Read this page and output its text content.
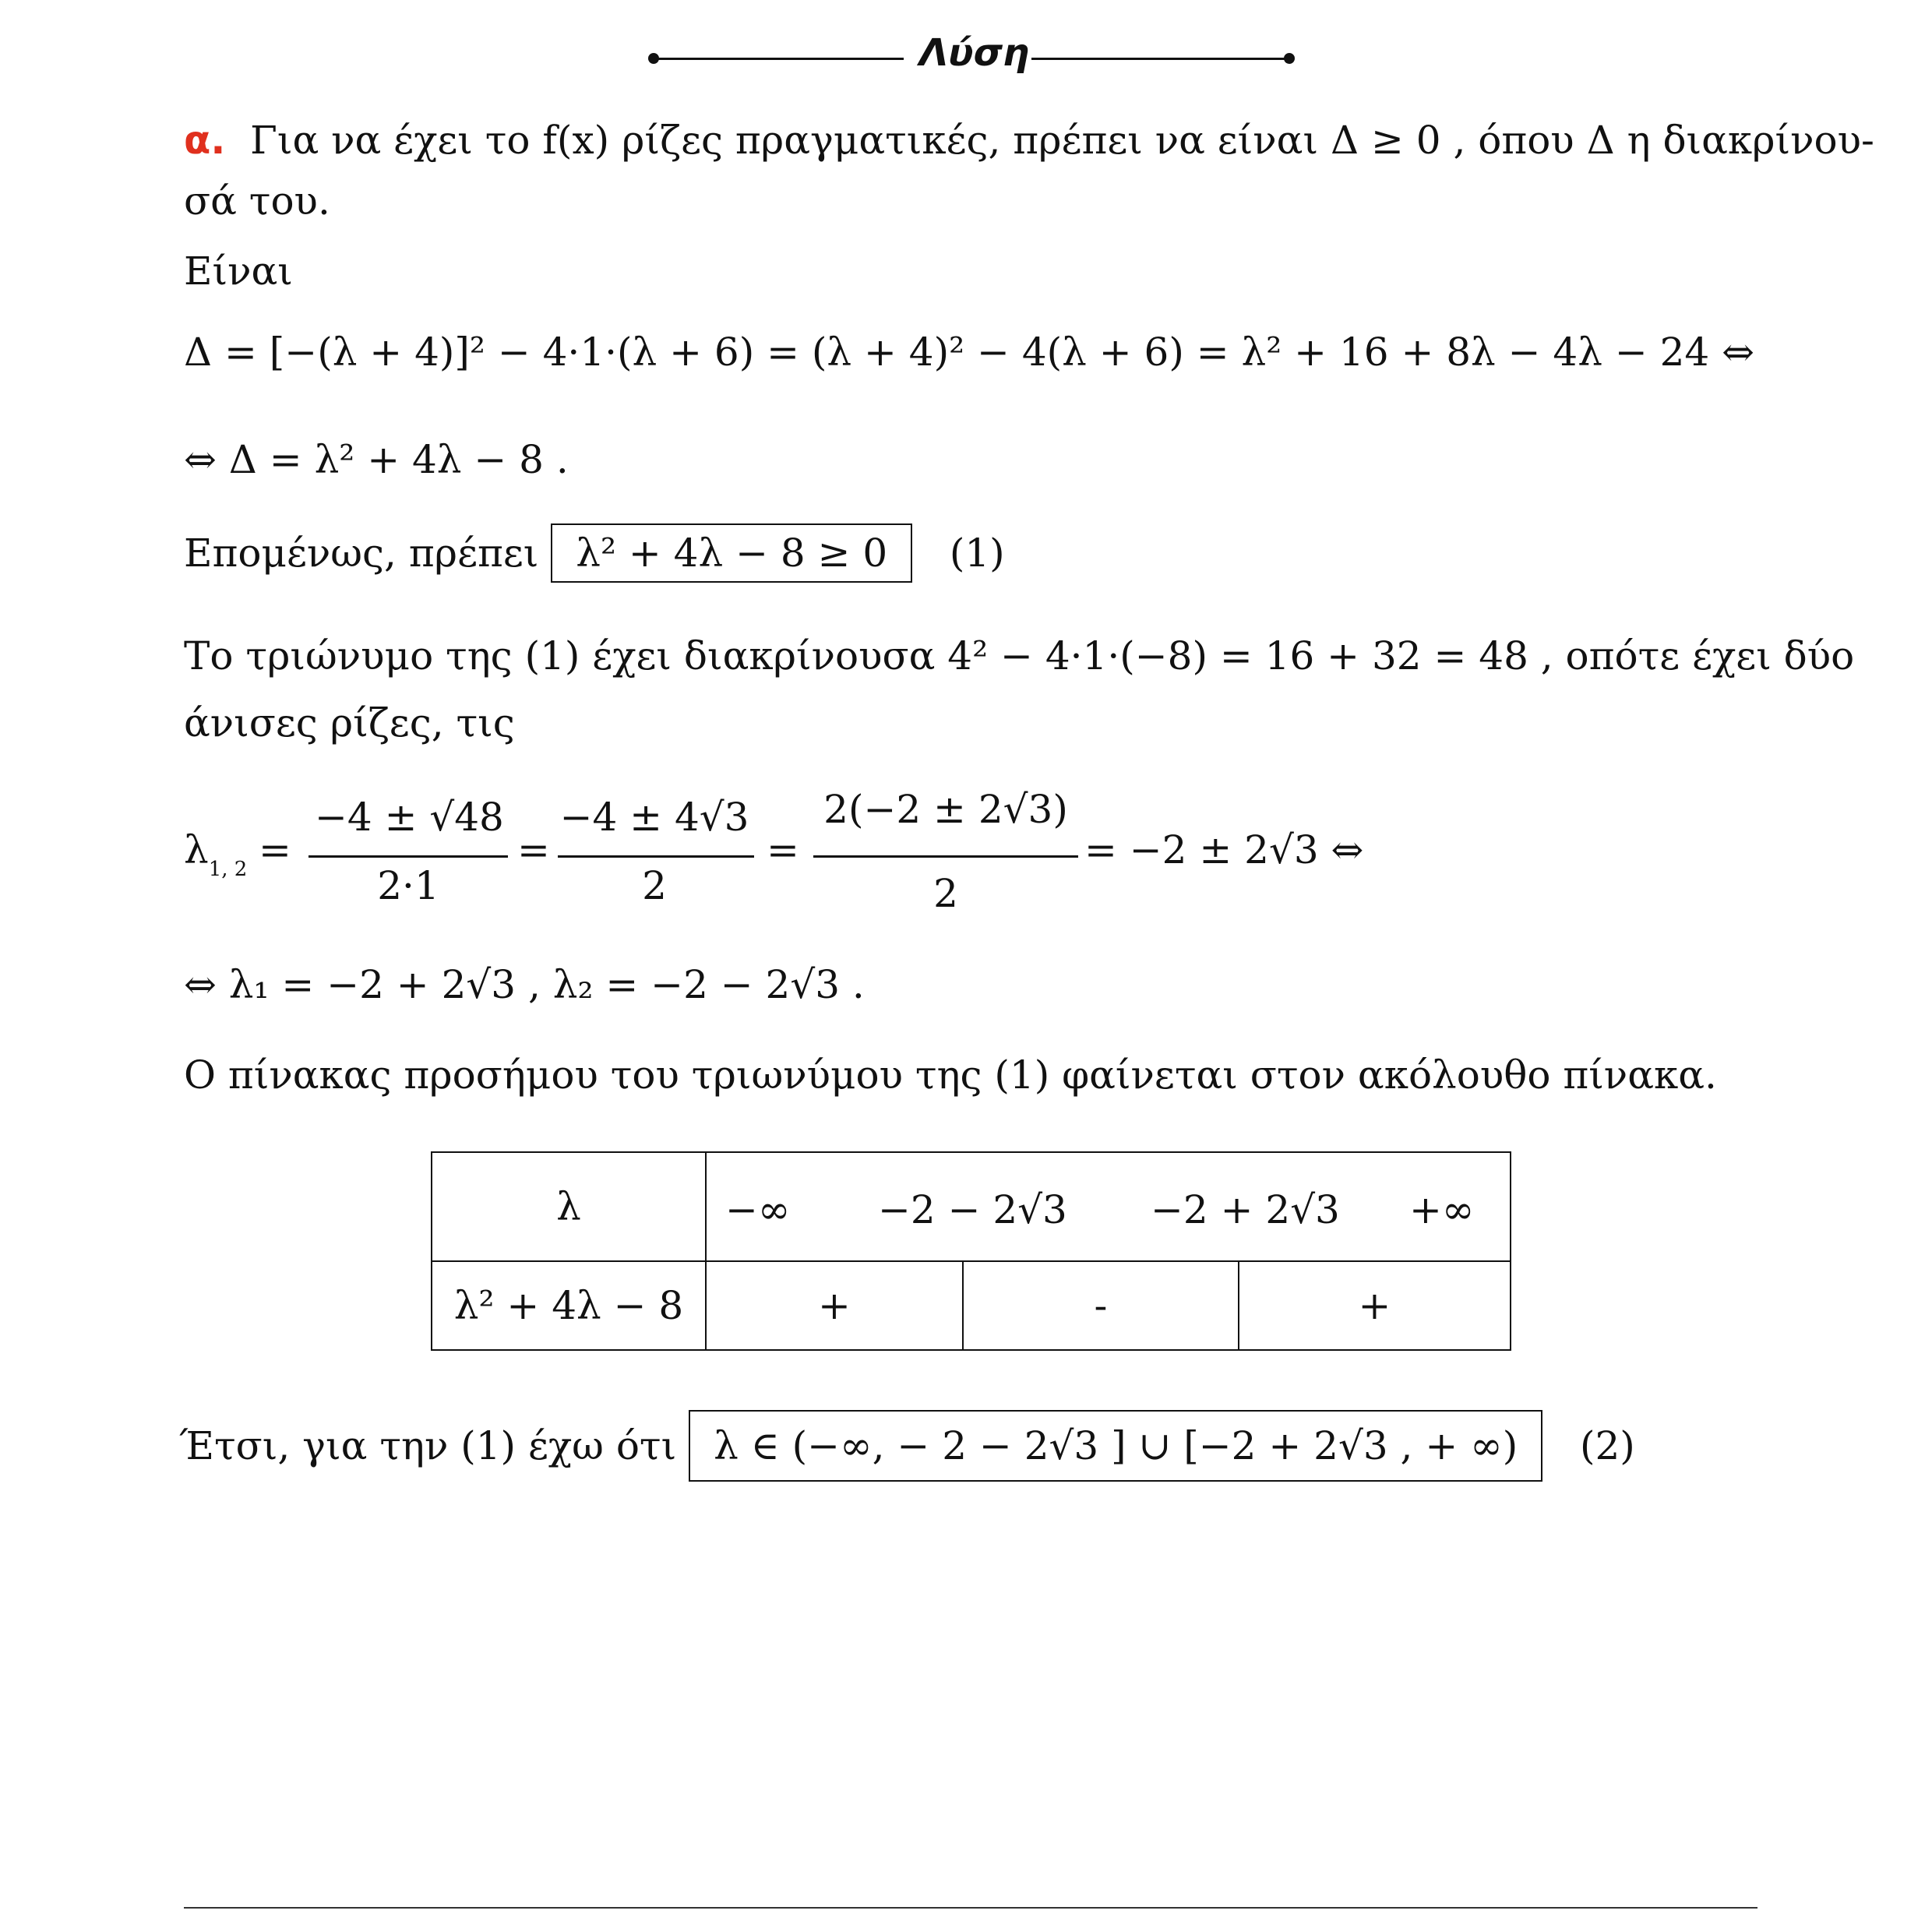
Λύση
α. Για να έχει το f(x) ρίζες πραγματικές, πρέπει να είναι Δ ≥ 0 , όπου Δ η διακρίνου-
σά του.
Είναι
Δ = [−(λ + 4)]² − 4·1·(λ + 6) = (λ + 4)² − 4(λ + 6) = λ² + 16 + 8λ − 4λ − 24 ⇔
⇔ Δ = λ² + 4λ − 8 .
Επομένως, πρέπει λ² + 4λ − 8 ≥ 0 (1)
Το τριώνυμο της (1) έχει διακρίνουσα 4² − 4·1·(−8) = 16 + 32 = 48 , οπότε έχει δύο
άνισες ρίζες, τις
$\lambda_{1, 2}$ =
−4 ± √48
2·1
=
−4 ± 4√3
2
=
2(−2 ± 2√3)
2
= −2 ± 2√3 ⇔
⇔ λ₁ = −2 + 2√3 , λ₂ = −2 − 2√3 .
Ο πίνακας προσήμου του τριωνύμου της (1) φαίνεται στον ακόλουθο πίνακα.
λ	−∞ −2 − 2√3 −2 + 2√3 +∞		

λ² + 4λ − 8	+	-	+
Έτσι, για την (1) έχω ότι λ ∈ (−∞, − 2 − 2√3 ] ∪ [−2 + 2√3 , + ∞) (2)
